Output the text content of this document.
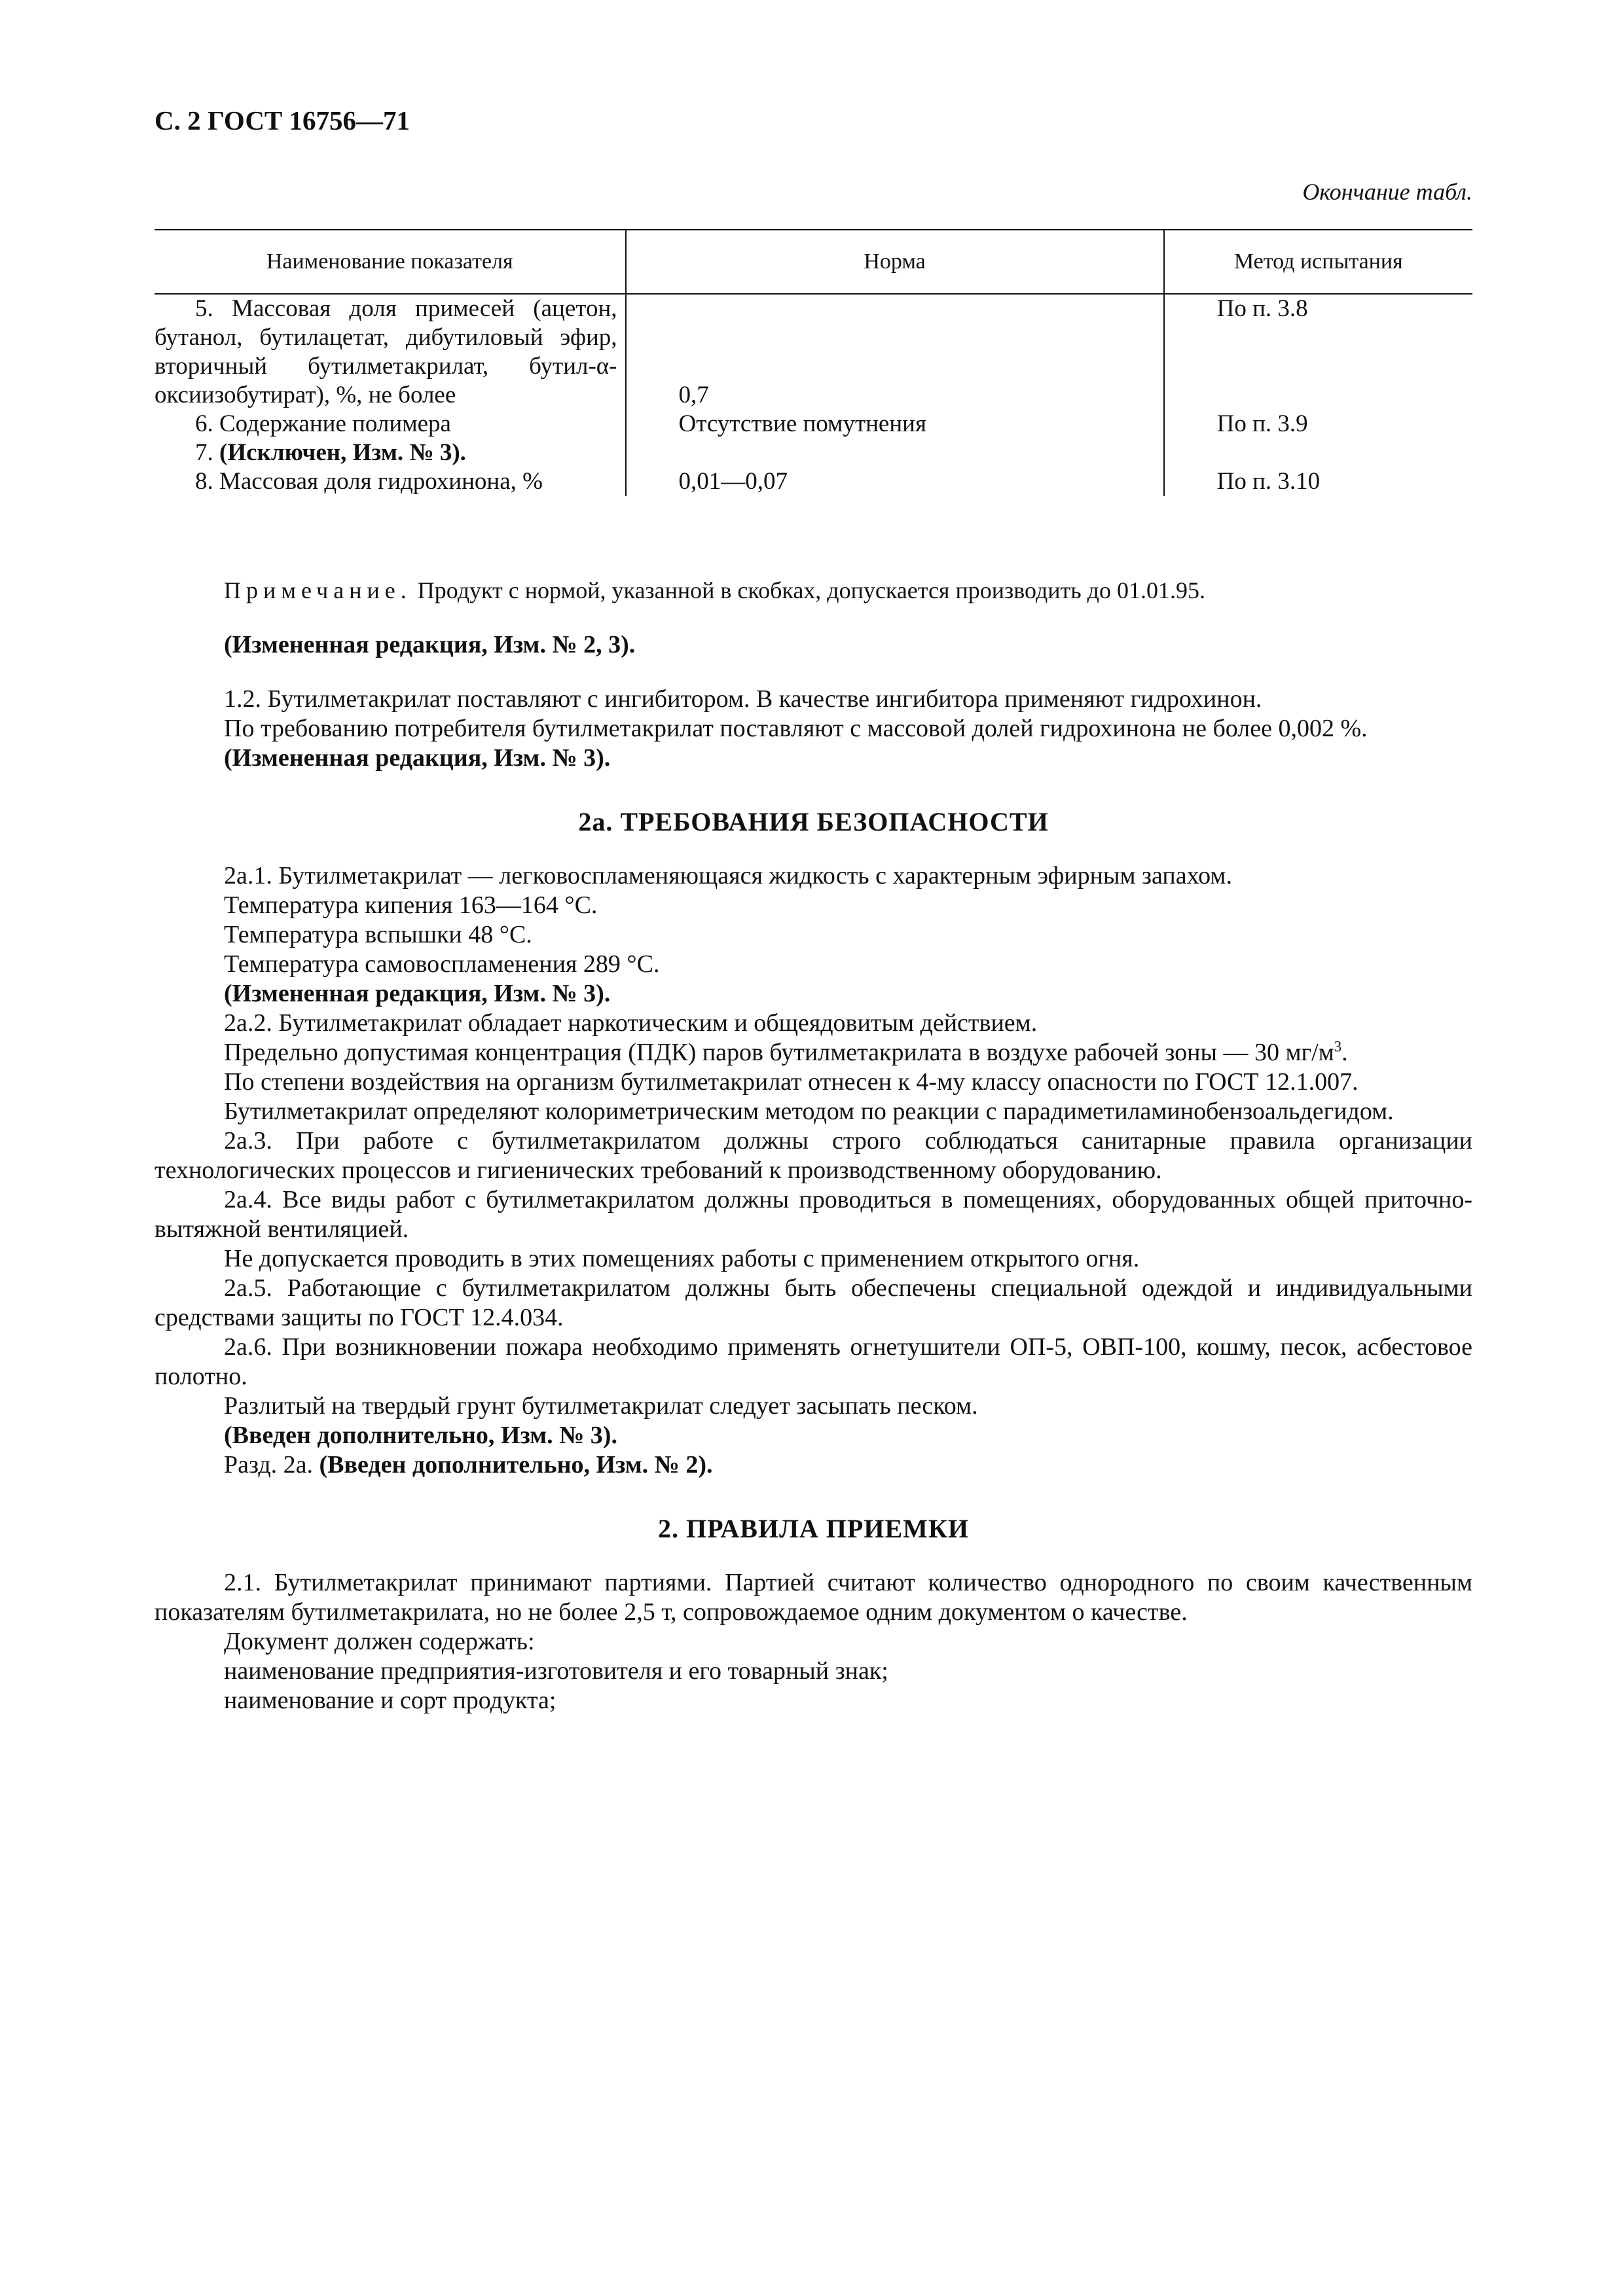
С. 2 ГОСТ 16756—71
Окончание табл.
Наименование показателя	Норма	Метод испытания
5. Массовая доля примесей (ацетон, бутанол, бутилацетат, дибутиловый эфир, вторичный бутилметакрилат, бутил-α-оксиизобутират), %, не более	0,7	По п. 3.8
6. Содержание полимера	Отсутствие помутнения	По п. 3.9
7. (Исключен, Изм. № 3).		
8. Массовая доля гидрохинона, %	0,01—0,07	По п. 3.10

Примечание. Продукт с нормой, указанной в скобках, допускается производить до 01.01.95.

(Измененная редакция, Изм. № 2, 3).

1.2. Бутилметакрилат поставляют с ингибитором. В качестве ингибитора применяют гидрохинон.

По требованию потребителя бутилметакрилат поставляют с массовой долей гидрохинона не более 0,002 %.

(Измененная редакция, Изм. № 3).

2а. ТРЕБОВАНИЯ БЕЗОПАСНОСТИ

2а.1. Бутилметакрилат — легковоспламеняющаяся жидкость с характерным эфирным запахом.

Температура кипения 163—164 °С.

Температура вспышки 48 °С.

Температура самовоспламенения 289 °С.

(Измененная редакция, Изм. № 3).

2а.2. Бутилметакрилат обладает наркотическим и общеядовитым действием.

Предельно допустимая концентрация (ПДК) паров бутилметакрилата в воздухе рабочей зоны — 30 $мг/м^3$.

По степени воздействия на организм бутилметакрилат отнесен к 4-му классу опасности по ГОСТ 12.1.007.

Бутилметакрилат определяют колориметрическим методом по реакции с парадиметиламинобензоальдегидом.

2а.3. При работе с бутилметакрилатом должны строго соблюдаться санитарные правила организации технологических процессов и гигиенических требований к производственному оборудованию.

2а.4. Все виды работ с бутилметакрилатом должны проводиться в помещениях, оборудованных общей приточно-вытяжной вентиляцией.

Не допускается проводить в этих помещениях работы с применением открытого огня.

2а.5. Работающие с бутилметакрилатом должны быть обеспечены специальной одеждой и индивидуальными средствами защиты по ГОСТ 12.4.034.

2а.6. При возникновении пожара необходимо применять огнетушители ОП-5, ОВП-100, кошму, песок, асбестовое полотно.

Разлитый на твердый грунт бутилметакрилат следует засыпать песком.

(Введен дополнительно, Изм. № 3).

Разд. 2а. (Введен дополнительно, Изм. № 2).

2. ПРАВИЛА ПРИЕМКИ

2.1. Бутилметакрилат принимают партиями. Партией считают количество однородного по своим качественным показателям бутилметакрилата, но не более 2,5 т, сопровождаемое одним документом о качестве.

Документ должен содержать:

наименование предприятия-изготовителя и его товарный знак;

наименование и сорт продукта;
